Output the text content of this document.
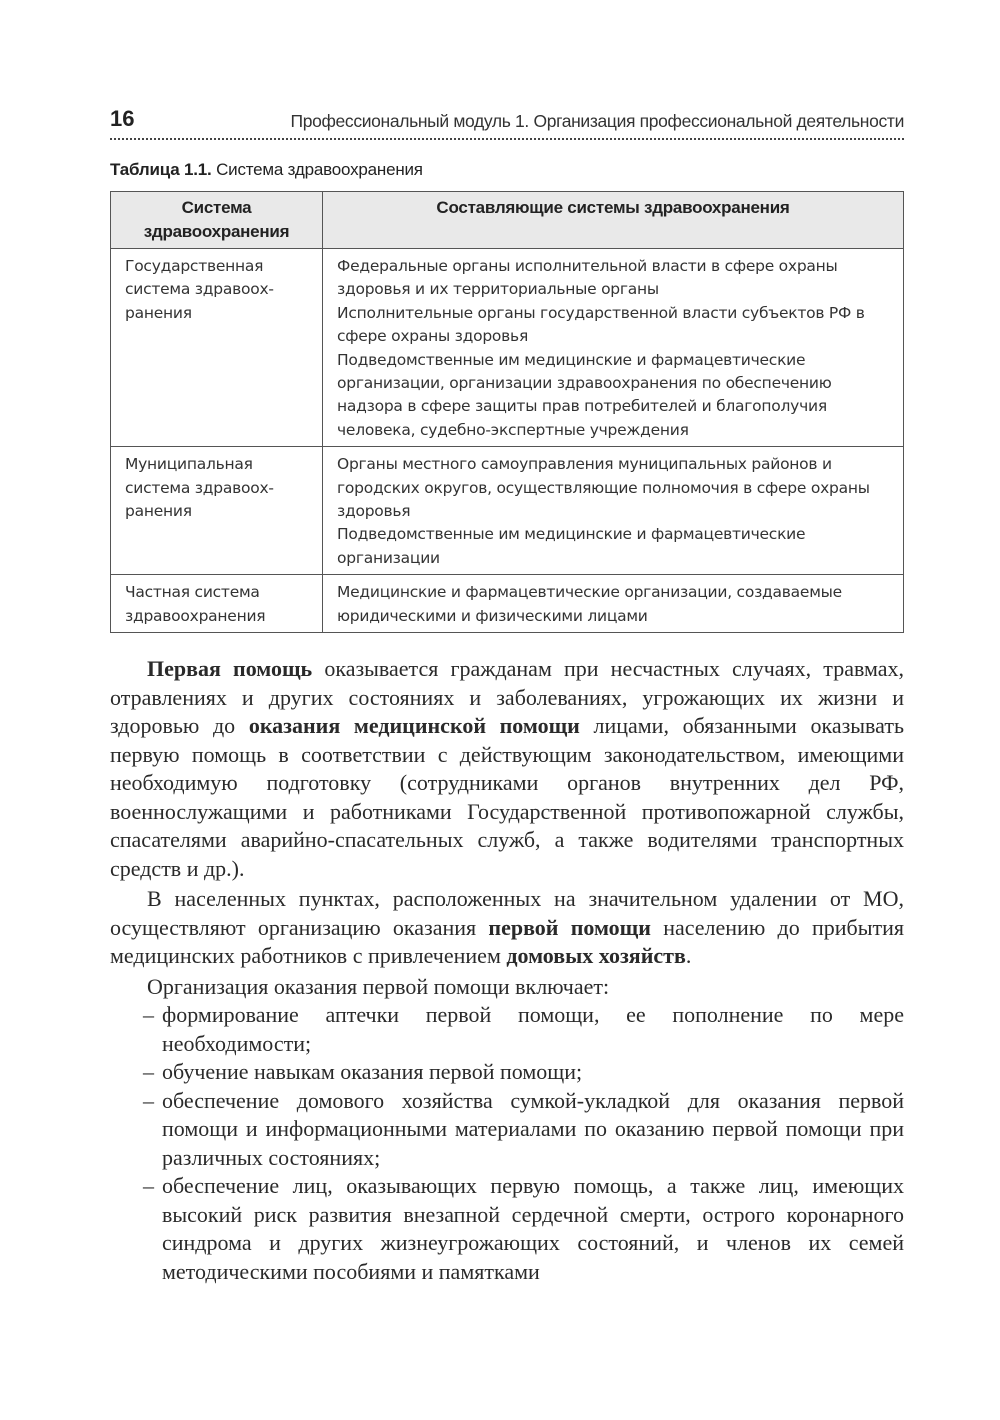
16	Профессиональный модуль 1. Организация профессиональной деятельности
Таблица 1.1. Система здравоохранения
Система здравоохранения	Составляющие системы здравоохранения
Государственная система здравоох-ранения	Федеральные органы исполнительной власти в сфере охраны здоровья и их территориальные органы
Исполнительные органы государственной власти субъектов РФ в сфере охраны здоровья
Подведомственные им медицинские и фармацевтические организации, организации здравоохранения по обеспечению надзора в сфере защиты прав потребителей и благополучия человека, судебно-экспертные учреждения

Муниципальная система здравоох-ранения	Органы местного самоуправления муниципальных районов и городских округов, осуществляющие полномочия в сфере охраны здоровья
Подведомственные им медицинские и фармацевтические организации

Частная система здравоохранения	Медицинские и фармацевтические организации, создаваемые юридическими и физическими лицами

Первая помощь оказывается гражданам при несчастных случаях, травмах, отравлениях и других состояниях и заболеваниях, угрожающих их жизни и здоровью до оказания медицинской помощи лицами, обязанными оказывать первую помощь в соответствии с действующим законодательством, имеющими необходимую подготовку (сотрудниками органов внутренних дел РФ, военнослужащими и работниками Государственной противопожарной службы, спасателями аварийно-спасательных служб, а также водителями транспортных средств и др.).

В населенных пунктах, расположенных на значительном удалении от МО, осуществляют организацию оказания первой помощи населению до прибытия медицинских работников с привлечением домовых хозяйств.

Организация оказания первой помощи включает:

– формирование аптечки первой помощи, ее пополнение по мере необходимости;
– обучение навыкам оказания первой помощи;
– обеспечение домового хозяйства сумкой-укладкой для оказания первой помощи и информационными материалами по оказанию первой помощи при различных состояниях;
– обеспечение лиц, оказывающих первую помощь, а также лиц, имеющих высокий риск развития внезапной сердечной смерти, острого коронарного синдрома и других жизнеугрожающих состояний, и членов их семей методическими пособиями и памятками
